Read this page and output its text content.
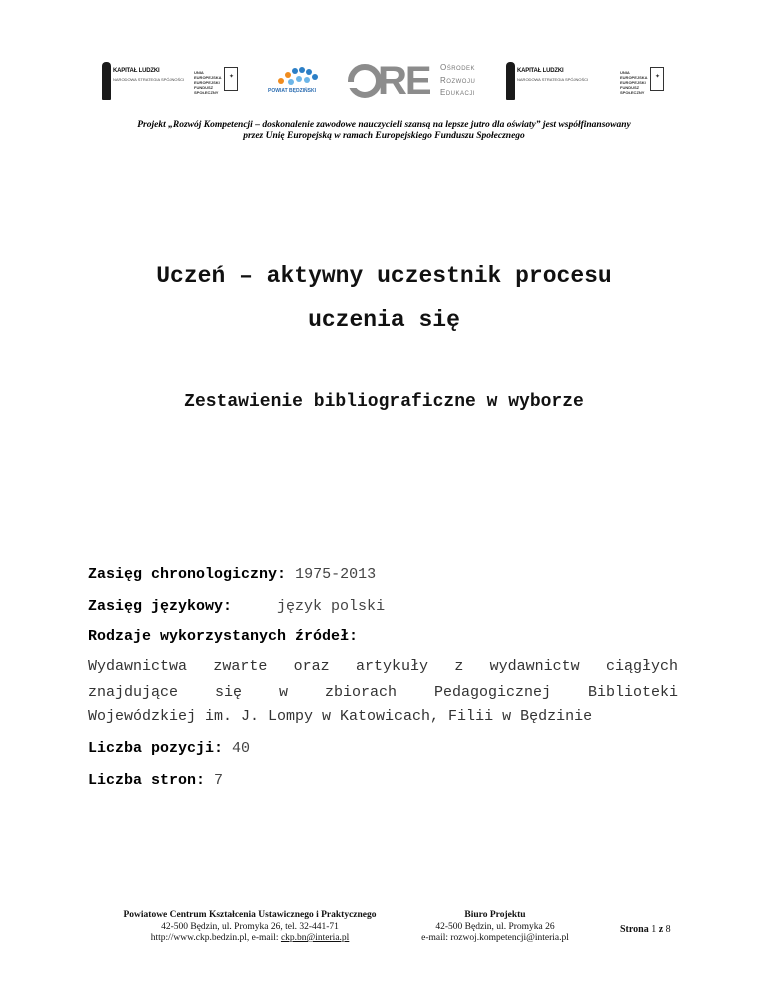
KAPITAŁ LUDZKI
NARODOWA STRATEGIA SPÓJNOŚCI
UNIA EUROPEJSKA EUROPEJSKI FUNDUSZ SPOŁECZNY
✦
POWIAT BĘDZIŃSKI RE Ośrodek
Rozwoju
Edukacji
KAPITAŁ LUDZKI
NARODOWA STRATEGIA SPÓJNOŚCI
UNIA EUROPEJSKA EUROPEJSKI FUNDUSZ SPOŁECZNY
✦
Projekt „Rozwój Kompetencji – doskonalenie zawodowe nauczycieli szansą na lepsze jutro dla oświaty” jest współfinansowany
przez Unię Europejską w ramach Europejskiego Funduszu Społecznego
Uczeń – aktywny uczestnik procesu
uczenia się
Zestawienie bibliograficzne w wyborze
Zasięg chronologiczny: 1975-2013
Zasięg językowy:	język polski
Rodzaje wykorzystanych źródeł:
Wydawnictwa zwarte oraz artykuły z wydawnictw ciągłych
znajdujące się w zbiorach Pedagogicznej Biblioteki
Wojewódzkiej im. J. Lompy w Katowicach, Filii w Będzinie
Liczba pozycji: 40
Liczba stron: 7
Powiatowe Centrum Kształcenia Ustawicznego i Praktycznego
42-500 Będzin, ul. Promyka 26, tel. 32-441-71
http://www.ckp.bedzin.pl, e-mail: ckp.bn@interia.pl
Biuro Projektu
42-500 Będzin, ul. Promyka 26
e-mail: rozwoj.kompetencji@interia.pl
Strona 1 z 8
